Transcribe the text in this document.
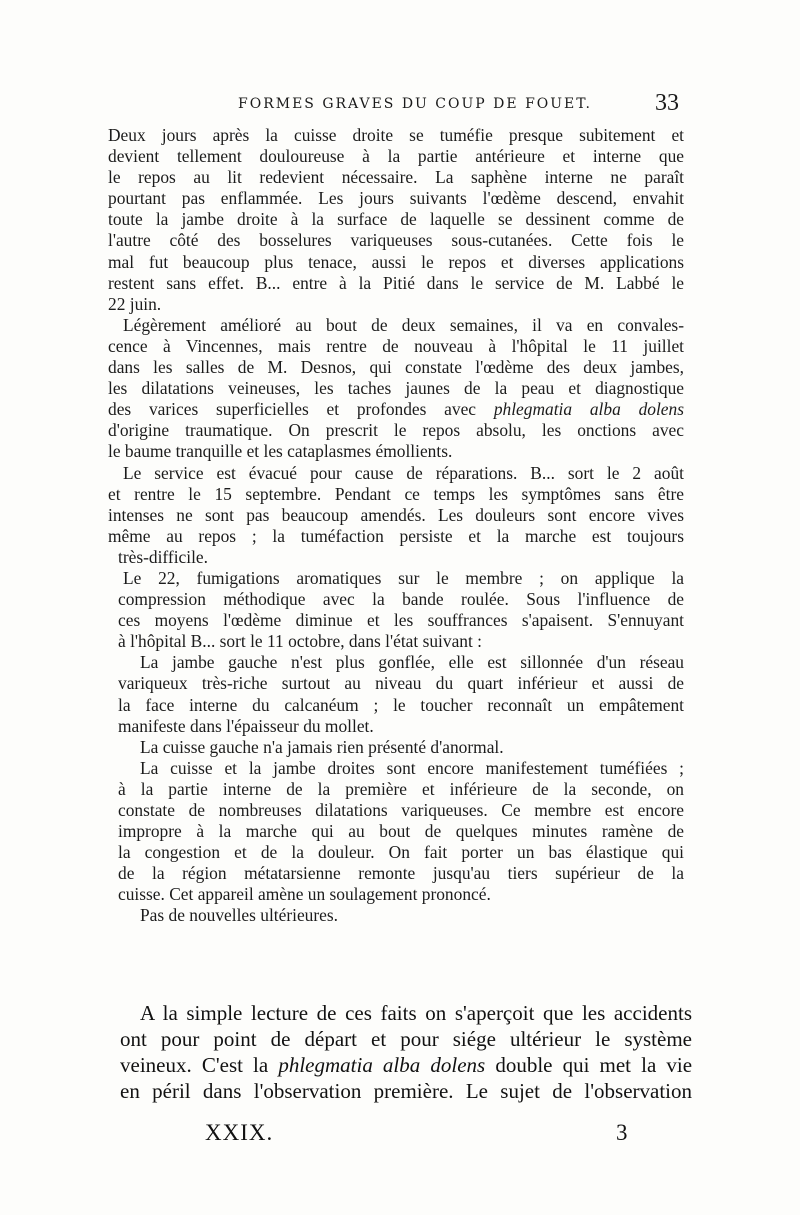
FORMES GRAVES DU COUP DE FOUET.	33
Deux jours après la cuisse droite se tuméfie presque subitement et
devient tellement douloureuse à la partie antérieure et interne que
le repos au lit redevient nécessaire. La saphène interne ne paraît
pourtant pas enflammée. Les jours suivants l'œdème descend, envahit
toute la jambe droite à la surface de laquelle se dessinent comme de
l'autre côté des bosselures variqueuses sous-cutanées. Cette fois le
mal fut beaucoup plus tenace, aussi le repos et diverses applications
restent sans effet. B... entre à la Pitié dans le service de M. Labbé le
22 juin.
Légèrement amélioré au bout de deux semaines, il va en convales-
cence à Vincennes, mais rentre de nouveau à l'hôpital le 11 juillet
dans les salles de M. Desnos, qui constate l'œdème des deux jambes,
les dilatations veineuses, les taches jaunes de la peau et diagnostique
des varices superficielles et profondes avec phlegmatia alba dolens
d'origine traumatique. On prescrit le repos absolu, les onctions avec
le baume tranquille et les cataplasmes émollients.
Le service est évacué pour cause de réparations. B... sort le 2 août
et rentre le 15 septembre. Pendant ce temps les symptômes sans être
intenses ne sont pas beaucoup amendés. Les douleurs sont encore vives
même au repos ; la tuméfaction persiste et la marche est toujours
très-difficile.
Le 22, fumigations aromatiques sur le membre ; on applique la
compression méthodique avec la bande roulée. Sous l'influence de
ces moyens l'œdème diminue et les souffrances s'apaisent. S'ennuyant
à l'hôpital B... sort le 11 octobre, dans l'état suivant :
La jambe gauche n'est plus gonflée, elle est sillonnée d'un réseau
variqueux très-riche surtout au niveau du quart inférieur et aussi de
la face interne du calcanéum ; le toucher reconnaît un empâtement
manifeste dans l'épaisseur du mollet.
La cuisse gauche n'a jamais rien présenté d'anormal.
La cuisse et la jambe droites sont encore manifestement tuméfiées ;
à la partie interne de la première et inférieure de la seconde, on
constate de nombreuses dilatations variqueuses. Ce membre est encore
impropre à la marche qui au bout de quelques minutes ramène de
la congestion et de la douleur. On fait porter un bas élastique qui
de la région métatarsienne remonte jusqu'au tiers supérieur de la
cuisse. Cet appareil amène un soulagement prononcé.
Pas de nouvelles ultérieures.
A la simple lecture de ces faits on s'aperçoit que les accidents
ont pour point de départ et pour siége ultérieur le système
veineux. C'est la phlegmatia alba dolens double qui met la vie
en péril dans l'observation première. Le sujet de l'observation
XXIX.	3
